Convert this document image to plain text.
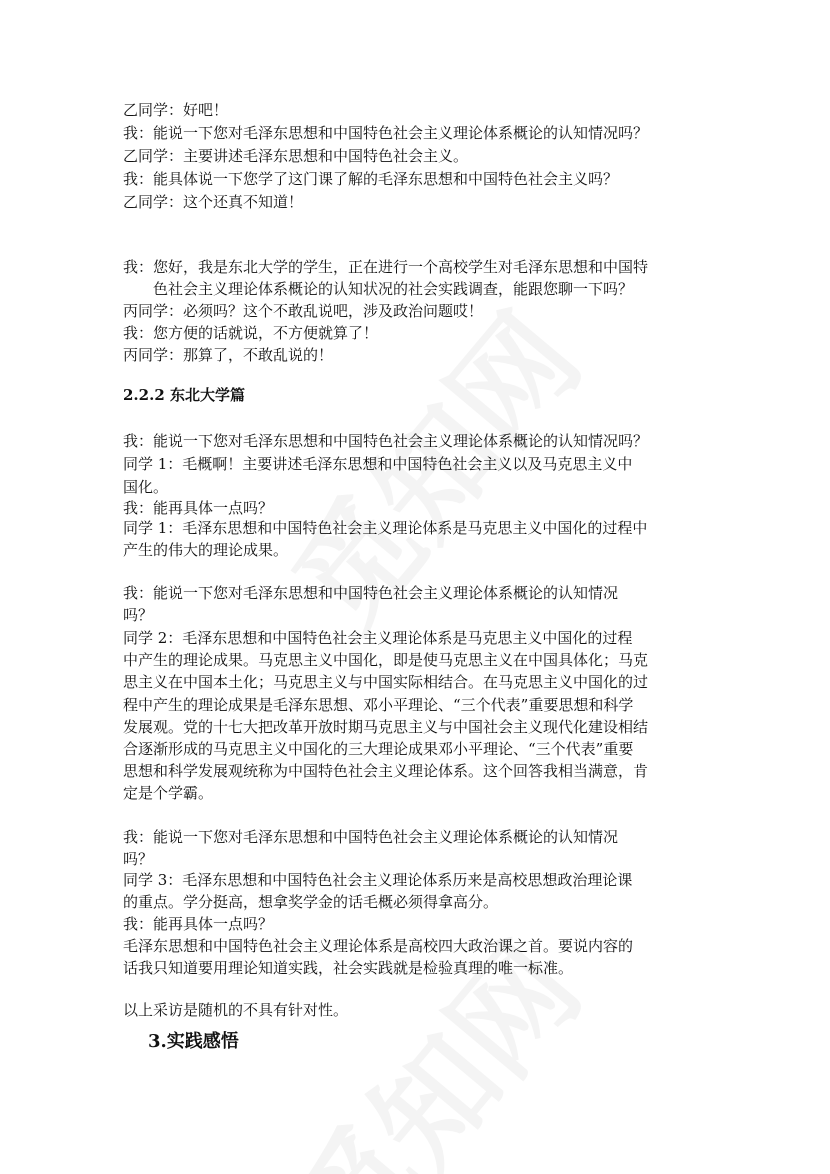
乙同学：好吧！
我：能说一下您对毛泽东思想和中国特色社会主义理论体系概论的认知情况吗？
乙同学：主要讲述毛泽东思想和中国特色社会主义。
我：能具体说一下您学了这门课了解的毛泽东思想和中国特色社会主义吗？
乙同学：这个还真不知道！
我：您好，我是东北大学的学生，正在进行一个高校学生对毛泽东思想和中国特
色社会主义理论体系概论的认知状况的社会实践调查，能跟您聊一下吗？
丙同学：必须吗？这个不敢乱说吧，涉及政治问题哎！
我：您方便的话就说，不方便就算了！
丙同学：那算了，不敢乱说的！
2.2.2 东北大学篇
我：能说一下您对毛泽东思想和中国特色社会主义理论体系概论的认知情况吗？
同学 1：毛概啊！主要讲述毛泽东思想和中国特色社会主义以及马克思主义中
国化。
我：能再具体一点吗？
同学 1：毛泽东思想和中国特色社会主义理论体系是马克思主义中国化的过程中
产生的伟大的理论成果。
我：能说一下您对毛泽东思想和中国特色社会主义理论体系概论的认知情况
吗？
同学 2：毛泽东思想和中国特色社会主义理论体系是马克思主义中国化的过程
中产生的理论成果。马克思主义中国化，即是使马克思主义在中国具体化；马克
思主义在中国本土化；马克思主义与中国实际相结合。在马克思主义中国化的过
程中产生的理论成果是毛泽东思想、邓小平理论、“三个代表”重要思想和科学
发展观。党的十七大把改革开放时期马克思主义与中国社会主义现代化建设相结
合逐渐形成的马克思主义中国化的三大理论成果邓小平理论、“三个代表”重要
思想和科学发展观统称为中国特色社会主义理论体系。这个回答我相当满意，肯
定是个学霸。
我：能说一下您对毛泽东思想和中国特色社会主义理论体系概论的认知情况
吗？
同学 3：毛泽东思想和中国特色社会主义理论体系历来是高校思想政治理论课
的重点。学分挺高，想拿奖学金的话毛概必须得拿高分。
我：能再具体一点吗？
毛泽东思想和中国特色社会主义理论体系是高校四大政治课之首。要说内容的
话我只知道要用理论知道实践，社会实践就是检验真理的唯一标准。
以上采访是随机的不具有针对性。
3.实践感悟
